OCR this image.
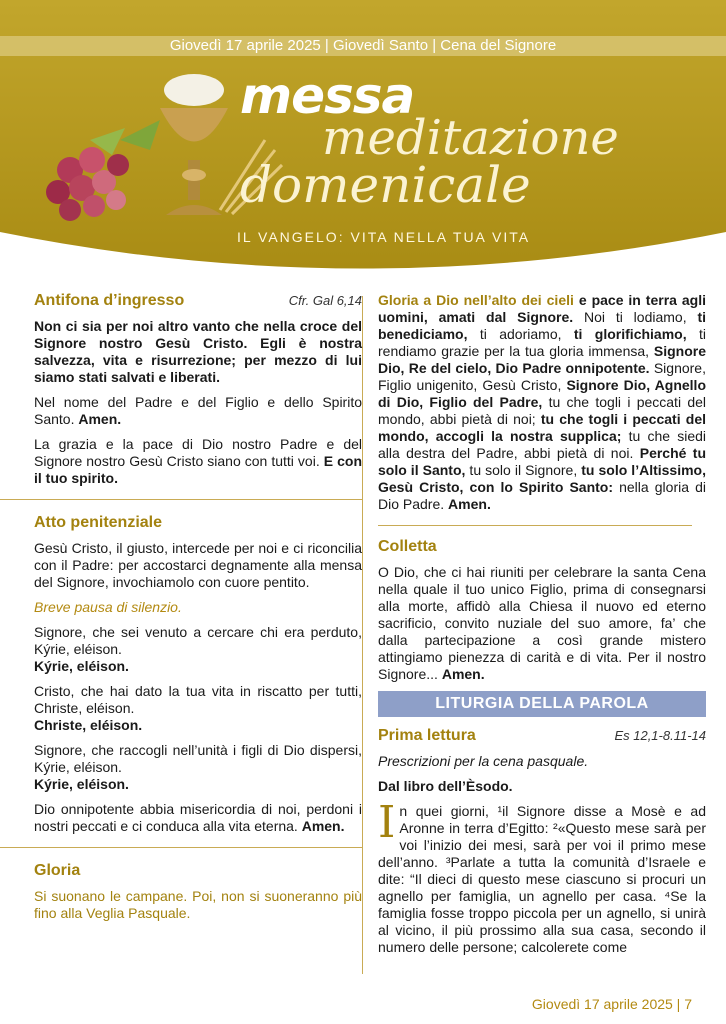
Giovedì 17 aprile 2025 | Giovedì Santo | Cena del Signore
messa
meditazione
domenicale
IL VANGELO: VITA NELLA TUA VITA
Antifona d’ingresso	Cfr. Gal 6,14

Non ci sia per noi altro vanto che nella croce del Signore nostro Gesù Cristo. Egli è nostra salvezza, vita e risurrezione; per mezzo di lui siamo stati salvati e liberati.

Nel nome del Padre e del Figlio e dello Spirito Santo. Amen.

La grazia e la pace di Dio nostro Padre e del Signore nostro Gesù Cristo siano con tutti voi. E con il tuo spirito.

Atto penitenziale

Gesù Cristo, il giusto, intercede per noi e ci riconcilia con il Padre: per accostarci degnamente alla mensa del Signore, invochiamolo con cuore pentito.

Breve pausa di silenzio.

Signore, che sei venuto a cercare chi era perduto, Kýrie, eléison.

Kýrie, eléison.

Cristo, che hai dato la tua vita in riscatto per tutti, Christe, eléison.

Christe, eléison.

Signore, che raccogli nell’unità i figli di Dio dispersi, Kýrie, eléison.

Kýrie, eléison.

Dio onnipotente abbia misericordia di noi, perdoni i nostri peccati e ci conduca alla vita eterna. Amen.

Gloria

Si suonano le campane. Poi, non si suoneranno più fino alla Veglia Pasquale.

Gloria a Dio nell’alto dei cieli e pace in terra agli uomini, amati dal Signore. Noi ti lodiamo, ti benediciamo, ti adoriamo, ti glorifichiamo, ti rendiamo grazie per la tua gloria immensa, Signore Dio, Re del cielo, Dio Padre onnipotente. Signore, Figlio unigenito, Gesù Cristo, Signore Dio, Agnello di Dio, Figlio del Padre, tu che togli i peccati del mondo, abbi pietà di noi; tu che togli i peccati del mondo, accogli la nostra supplica; tu che siedi alla destra del Padre, abbi pietà di noi. Perché tu solo il Santo, tu solo il Signore, tu solo l’Altissimo, Gesù Cristo, con lo Spirito Santo: nella gloria di Dio Padre. Amen.

Colletta

O Dio, che ci hai riuniti per celebrare la santa Cena nella quale il tuo unico Figlio, prima di consegnarsi alla morte, affidò alla Chiesa il nuovo ed eterno sacrificio, convito nuziale del suo amore, fa’ che dalla partecipazione a così grande mistero attingiamo pienezza di carità e di vita. Per il nostro Signore... Amen.

LITURGIA DELLA PAROLA
Prima lettura	Es 12,1-8.11-14

Prescrizioni per la cena pasquale.

Dal libro dell’Èsodo.

I n quei giorni, ¹il Signore disse a Mosè e ad Aronne in terra d’Egitto: ²«Questo mese sarà per voi l’inizio dei mesi, sarà per voi il primo mese dell’anno. ³Parlate a tutta la comunità d’Israele e dite: “Il dieci di questo mese ciascuno si procuri un agnello per famiglia, un agnello per casa. ⁴Se la famiglia fosse troppo piccola per un agnello, si unirà al vicino, il più prossimo alla sua casa, secondo il numero delle persone; calcolerete come

Giovedì 17 aprile 2025 | 7
